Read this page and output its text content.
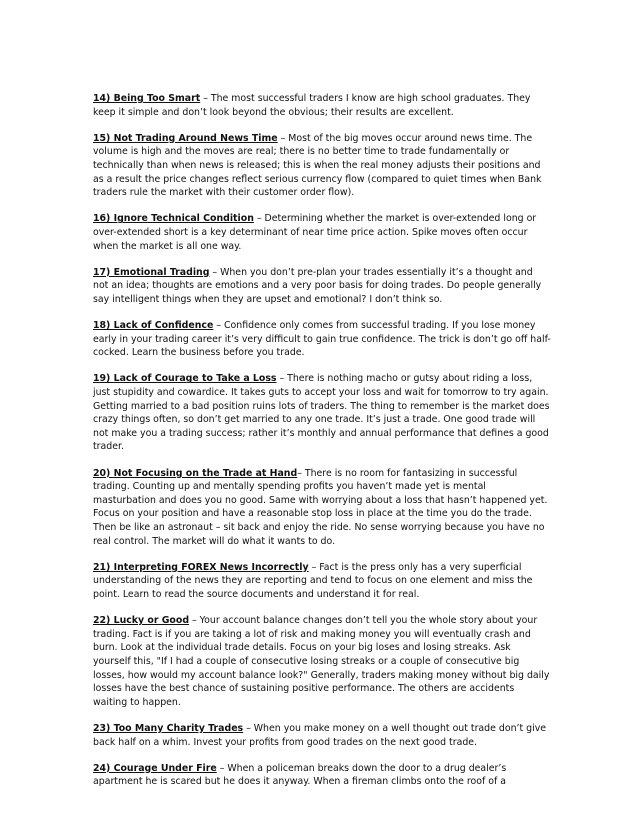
14) Being Too Smart – The most successful traders I know are high school graduates. They keep it simple and don’t look beyond the obvious; their results are excellent.

15) Not Trading Around News Time – Most of the big moves occur around news time. The volume is high and the moves are real; there is no better time to trade fundamentally or technically than when news is released; this is when the real money adjusts their positions and as a result the price changes reflect serious currency flow (compared to quiet times when Bank traders rule the market with their customer order flow).

16) Ignore Technical Condition – Determining whether the market is over-extended long or over-extended short is a key determinant of near time price action. Spike moves often occur when the market is all one way.

17) Emotional Trading – When you don’t pre-plan your trades essentially it’s a thought and not an idea; thoughts are emotions and a very poor basis for doing trades. Do people generally say intelligent things when they are upset and emotional? I don’t think so.

18) Lack of Confidence – Confidence only comes from successful trading. If you lose money early in your trading career it’s very difficult to gain true confidence. The trick is don’t go off half-cocked. Learn the business before you trade.

19) Lack of Courage to Take a Loss – There is nothing macho or gutsy about riding a loss, just stupidity and cowardice. It takes guts to accept your loss and wait for tomorrow to try again. Getting married to a bad position ruins lots of traders. The thing to remember is the market does crazy things often, so don’t get married to any one trade. It’s just a trade. One good trade will not make you a trading success; rather it’s monthly and annual performance that defines a good trader.

20) Not Focusing on the Trade at Hand– There is no room for fantasizing in successful trading. Counting up and mentally spending profits you haven’t made yet is mental masturbation and does you no good. Same with worrying about a loss that hasn’t happened yet. Focus on your position and have a reasonable stop loss in place at the time you do the trade. Then be like an astronaut – sit back and enjoy the ride. No sense worrying because you have no real control. The market will do what it wants to do.

21) Interpreting FOREX News Incorrectly – Fact is the press only has a very superficial understanding of the news they are reporting and tend to focus on one element and miss the point. Learn to read the source documents and understand it for real.

22) Lucky or Good – Your account balance changes don’t tell you the whole story about your trading. Fact is if you are taking a lot of risk and making money you will eventually crash and burn. Look at the individual trade details. Focus on your big loses and losing streaks. Ask yourself this, "If I had a couple of consecutive losing streaks or a couple of consecutive big losses, how would my account balance look?" Generally, traders making money without big daily losses have the best chance of sustaining positive performance. The others are accidents waiting to happen.

23) Too Many Charity Trades – When you make money on a well thought out trade don’t give back half on a whim. Invest your profits from good trades on the next good trade.

24) Courage Under Fire – When a policeman breaks down the door to a drug dealer’s apartment he is scared but he does it anyway. When a fireman climbs onto the roof of a
